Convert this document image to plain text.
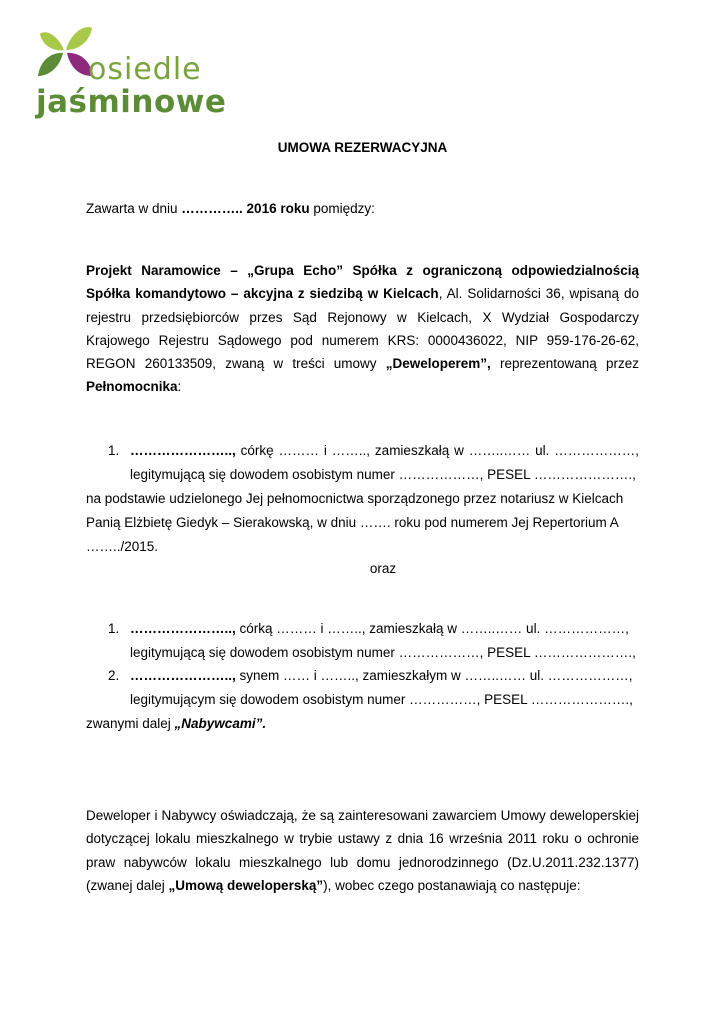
osiedle
jaśminowe
UMOWA REZERWACYJNA
Zawarta w dniu ………….. 2016 roku pomiędzy:
Projekt Naramowice – „Grupa Echo” Spółka z ograniczoną odpowiedzialnością
Spółka komandytowo – akcyjna z siedzibą w Kielcach, Al. Solidarności 36, wpisaną do
rejestru przedsiębiorców przes Sąd Rejonowy w Kielcach, X Wydział Gospodarczy
Krajowego Rejestru Sądowego pod numerem KRS: 0000436022, NIP 959-176-26-62,
REGON 260133509, zwaną w treści umowy „Deweloperem”, reprezentowaną przez
Pełnomocnika:
1. ………………….., córkę ……… i …….., zamieszkałą w ……..…… ul. ………………,
legitymującą się dowodem osobistym numer ………………, PESEL ………………….,
na podstawie udzielonego Jej pełnomocnictwa sporządzonego przez notariusz w Kielcach
Panią Elżbietę Giedyk – Sierakowską, w dniu ……. roku pod numerem Jej Repertorium A
……../2015.
oraz
1. ………………….., córką ……… i …….., zamieszkałą w ……..…… ul. ………………,
legitymującą się dowodem osobistym numer ………………, PESEL ………………….,
2. ………………….., synem …… i …….., zamieszkałym w ……..…… ul. ………………,
legitymującym się dowodem osobistym numer ……………, PESEL ………………….,
zwanymi dalej „Nabywcami”.
Deweloper i Nabywcy oświadczają, że są zainteresowani zawarciem Umowy deweloperskiej
dotyczącej lokalu mieszkalnego w trybie ustawy z dnia 16 września 2011 roku o ochronie
praw nabywców lokalu mieszkalnego lub domu jednorodzinnego (Dz.U.2011.232.1377)
(zwanej dalej „Umową deweloperską”), wobec czego postanawiają co następuje:
